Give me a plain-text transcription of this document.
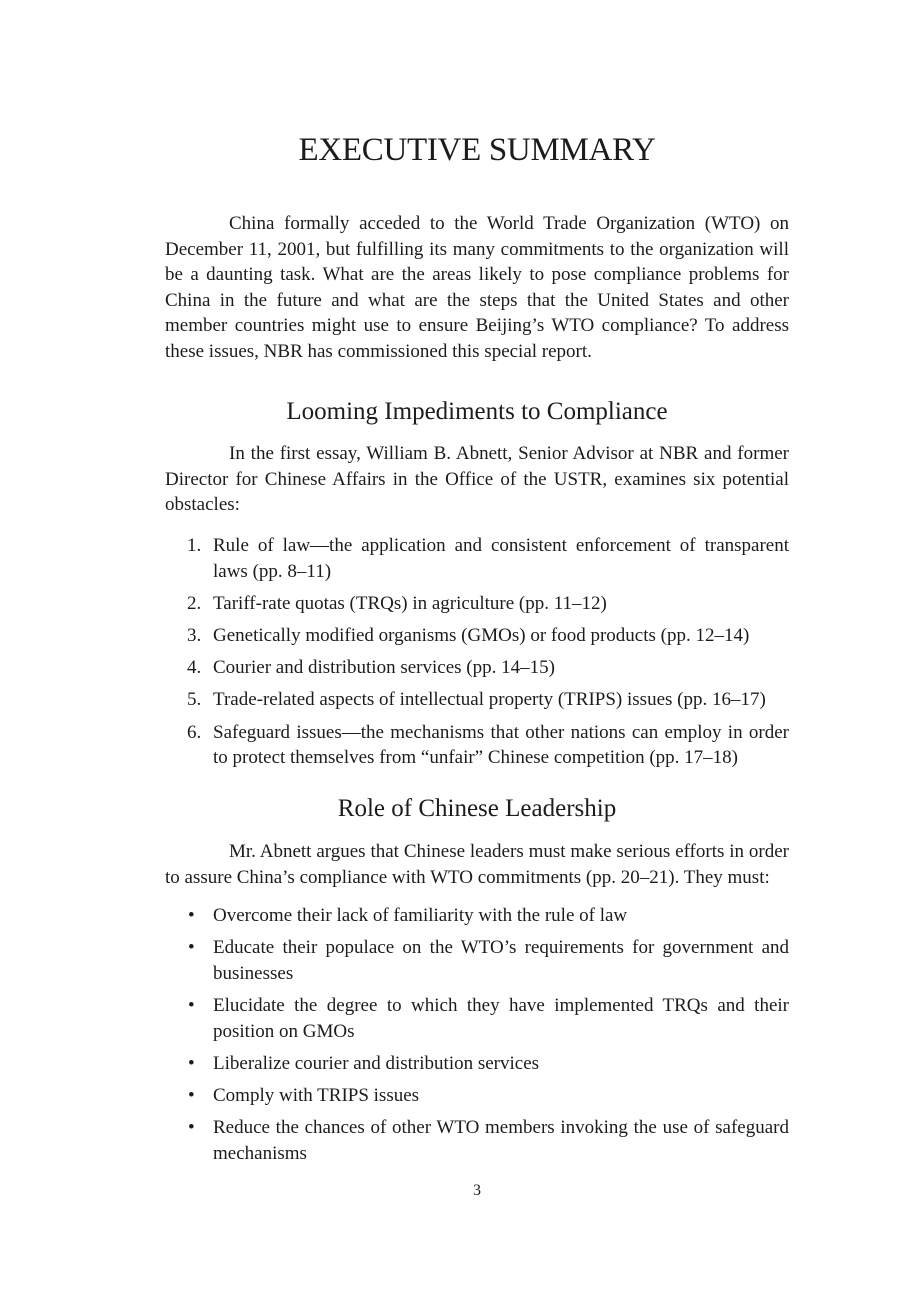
EXECUTIVE SUMMARY

China formally acceded to the World Trade Organization (WTO) on December 11, 2001, but fulfilling its many commitments to the organization will be a daunting task. What are the areas likely to pose compliance problems for China in the future and what are the steps that the United States and other member countries might use to ensure Beijing’s WTO compliance? To address these issues, NBR has commissioned this special report.

Looming Impediments to Compliance

In the first essay, William B. Abnett, Senior Advisor at NBR and former Director for Chinese Affairs in the Office of the USTR, examines six potential obstacles:

1. Rule of law—the application and consistent enforcement of transparent laws (pp. 8–11)
2. Tariff-rate quotas (TRQs) in agriculture (pp. 11–12)
3. Genetically modified organisms (GMOs) or food products (pp. 12–14)
4. Courier and distribution services (pp. 14–15)
5. Trade-related aspects of intellectual property (TRIPS) issues (pp. 16–17)
6. Safeguard issues—the mechanisms that other nations can employ in order to protect themselves from “unfair” Chinese competition (pp. 17–18)
Role of Chinese Leadership

Mr. Abnett argues that Chinese leaders must make serious efforts in order to assure China’s compliance with WTO commitments (pp. 20–21). They must:

• Overcome their lack of familiarity with the rule of law
• Educate their populace on the WTO’s requirements for government and businesses
• Elucidate the degree to which they have implemented TRQs and their position on GMOs
• Liberalize courier and distribution services
• Comply with TRIPS issues
• Reduce the chances of other WTO members invoking the use of safeguard mechanisms
3
